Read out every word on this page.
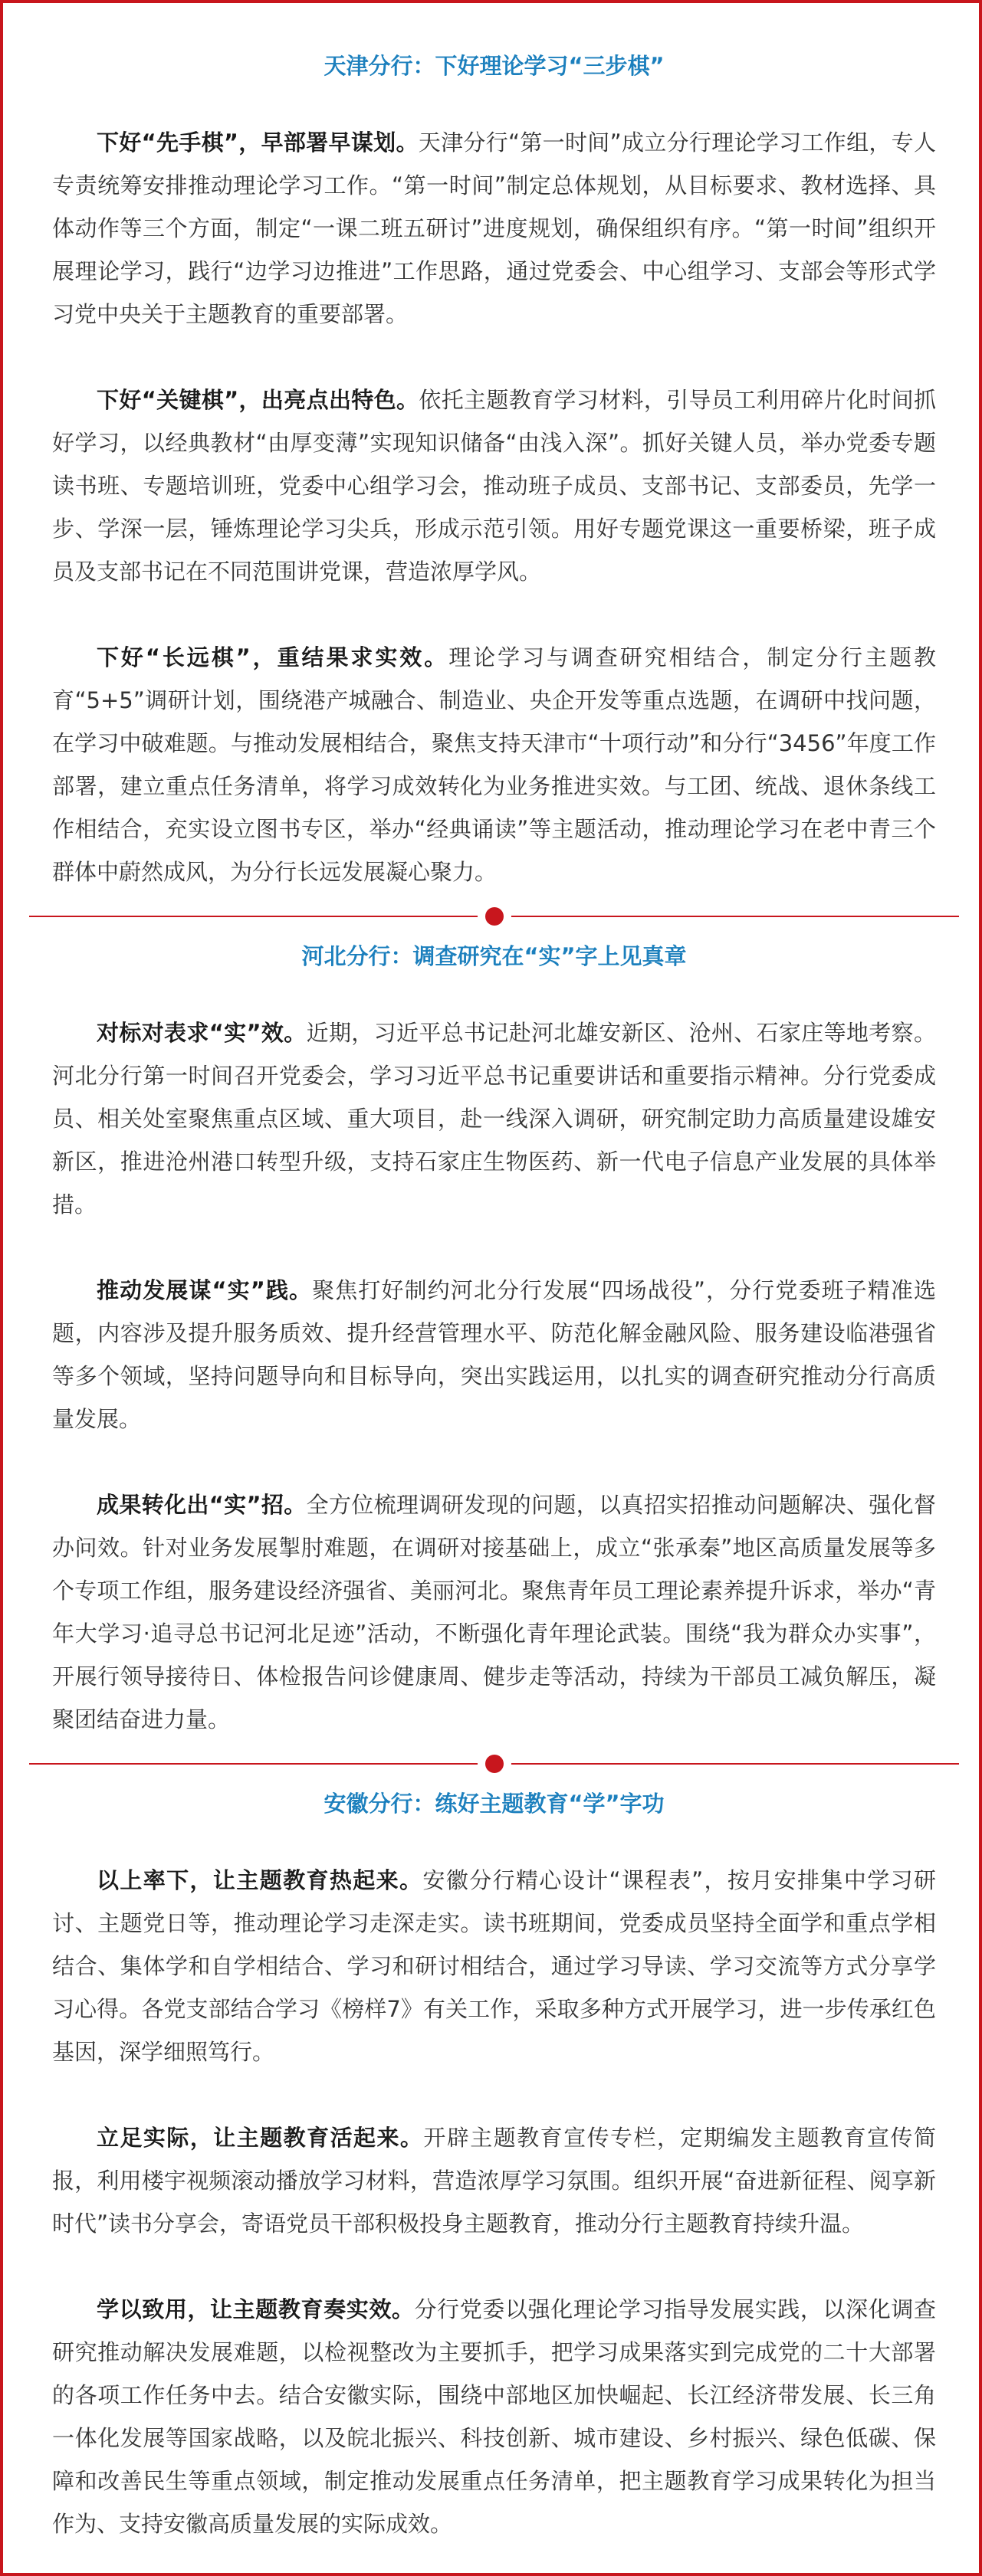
天津分行：下好理论学习“三步棋”

下好“先手棋”，早部署早谋划。天津分行“第一时间”成立分行理论学习工作组，专人专责统筹安排推动理论学习工作。“第一时间”制定总体规划，从目标要求、教材选择、具体动作等三个方面，制定“一课二班五研讨”进度规划，确保组织有序。“第一时间”组织开展理论学习，践行“边学习边推进”工作思路，通过党委会、中心组学习、支部会等形式学习党中央关于主题教育的重要部署。

下好“关键棋”，出亮点出特色。依托主题教育学习材料，引导员工利用碎片化时间抓好学习，以经典教材“由厚变薄”实现知识储备“由浅入深”。抓好关键人员，举办党委专题读书班、专题培训班，党委中心组学习会，推动班子成员、支部书记、支部委员，先学一步、学深一层，锤炼理论学习尖兵，形成示范引领。用好专题党课这一重要桥梁，班子成员及支部书记在不同范围讲党课，营造浓厚学风。

下好“长远棋”，重结果求实效。理论学习与调查研究相结合，制定分行主题教育“5+5”调研计划，围绕港产城融合、制造业、央企开发等重点选题，在调研中找问题，在学习中破难题。与推动发展相结合，聚焦支持天津市“十项行动”和分行“3456”年度工作部署，建立重点任务清单，将学习成效转化为业务推进实效。与工团、统战、退休条线工作相结合，充实设立图书专区，举办“经典诵读”等主题活动，推动理论学习在老中青三个群体中蔚然成风，为分行长远发展凝心聚力。

河北分行：调查研究在“实”字上见真章

对标对表求“实”效。近期，习近平总书记赴河北雄安新区、沧州、石家庄等地考察。河北分行第一时间召开党委会，学习习近平总书记重要讲话和重要指示精神。分行党委成员、相关处室聚焦重点区域、重大项目，赴一线深入调研，研究制定助力高质量建设雄安新区，推进沧州港口转型升级，支持石家庄生物医药、新一代电子信息产业发展的具体举措。

推动发展谋“实”践。聚焦打好制约河北分行发展“四场战役”，分行党委班子精准选题，内容涉及提升服务质效、提升经营管理水平、防范化解金融风险、服务建设临港强省等多个领域，坚持问题导向和目标导向，突出实践运用，以扎实的调查研究推动分行高质量发展。

成果转化出“实”招。全方位梳理调研发现的问题，以真招实招推动问题解决、强化督办问效。针对业务发展掣肘难题，在调研对接基础上，成立“张承秦”地区高质量发展等多个专项工作组，服务建设经济强省、美丽河北。聚焦青年员工理论素养提升诉求，举办“青年大学习·追寻总书记河北足迹”活动，不断强化青年理论武装。围绕“我为群众办实事”，开展行领导接待日、体检报告问诊健康周、健步走等活动，持续为干部员工减负解压，凝聚团结奋进力量。

安徽分行：练好主题教育“学”字功

以上率下，让主题教育热起来。安徽分行精心设计“课程表”，按月安排集中学习研讨、主题党日等，推动理论学习走深走实。读书班期间，党委成员坚持全面学和重点学相结合、集体学和自学相结合、学习和研讨相结合，通过学习导读、学习交流等方式分享学习心得。各党支部结合学习《榜样7》有关工作，采取多种方式开展学习，进一步传承红色基因，深学细照笃行。

立足实际，让主题教育活起来。开辟主题教育宣传专栏，定期编发主题教育宣传简报，利用楼宇视频滚动播放学习材料，营造浓厚学习氛围。组织开展“奋进新征程、阅享新时代”读书分享会，寄语党员干部积极投身主题教育，推动分行主题教育持续升温。

学以致用，让主题教育奏实效。分行党委以强化理论学习指导发展实践，以深化调查研究推动解决发展难题，以检视整改为主要抓手，把学习成果落实到完成党的二十大部署的各项工作任务中去。结合安徽实际，围绕中部地区加快崛起、长江经济带发展、长三角一体化发展等国家战略，以及皖北振兴、科技创新、城市建设、乡村振兴、绿色低碳、保障和改善民生等重点领域，制定推动发展重点任务清单，把主题教育学习成果转化为担当作为、支持安徽高质量发展的实际成效。
